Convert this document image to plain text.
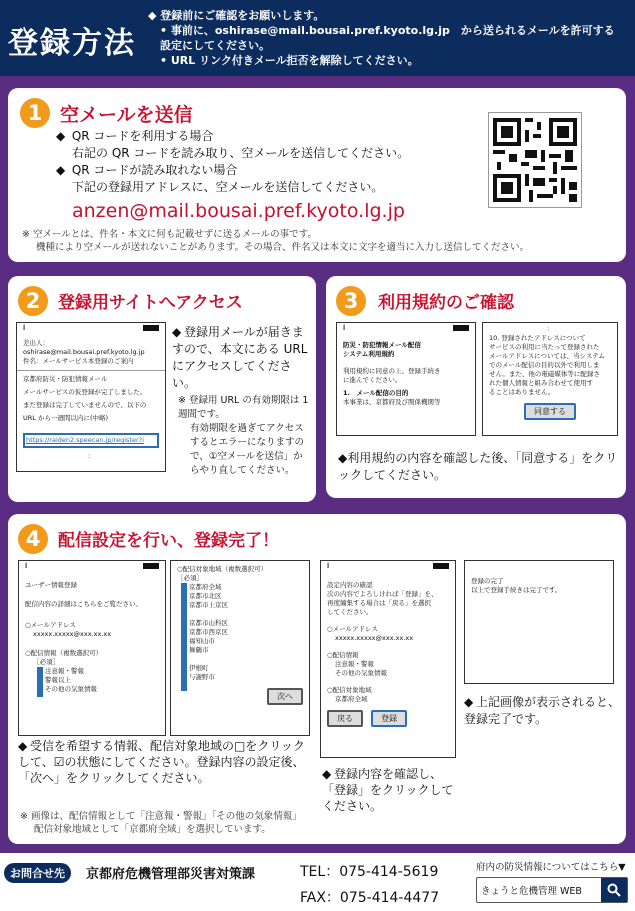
登録方法
◆ 登録前にご確認をお願いします。
• 事前に、oshirase@mail.bousai.pref.kyoto.lg.jp　から送られるメールを許可する設定にしてください。
• URL リンク付きメール拒否を解除してください。
1 空メールを送信
◆ QR コードを利用する場合
右記の QR コードを読み取り、空メールを送信してください。
◆ QR コードが読み取れない場合
下記の登録用アドレスに、空メールを送信してください。
anzen@mail.bousai.pref.kyoto.lg.jp
※ 空メールとは、件名・本文に何も記載せずに送るメールの事です。
機種により空メールが送れないことがあります。その場合、件名又は本文に文字を適当に入力し送信してください。
2	登録用サイトへアクセス
.ıll
差出人：oshirase@mail.bousai.pref.kyoto.lg.jp
件名：メールサービス本登録のご案内
京都府防災・防犯情報メール
メールサービスの仮登録が完了しました。
まだ登録は完了していませんので、以下の
URL から一週間以内に(中略)
https://raiden2.speecan.jp/register?i
：
◆ 登録用メールが届きますので、本文にある URL にアクセスしてください。
※ 登録用 URL の有効期限は 1 週間です。
有効期限を過ぎてアクセスするとエラーになりますので、①空メールを送信」からやり直してください。
3	利用規約のご確認
.ıll
防災・防犯情報メール配信
システム利用規約
利用規約に同意の上、登録手続き
に進んでください。
1.　メール配信の目的
本事業は、京都府及び関係機関等
：
10. 登録されたアドレスについて
サービスの利用に当たって登録された
メールアドレスについては、当システム
でのメール配信の目的以外で利用しま
せん。また、他の電磁媒体等に配録さ
れた個人情報と組み合わせて使用す
ることはありません。
同意する
◆利用規約の内容を確認した後、「同意する」をクリックしてください。
4	配信設定を行い、登録完了！
.ıll
ユーザー情報登録
配信内容の詳細はこちらをご覧ださい。
○メールアドレス
xxxxx.xxxxx@xxx.xx.xx
○配信情報（複数選択可）
［必須］
注意報・警報
警報以上
その他の気象情報
○配信対象地域（複数選択可）
［必須］
京都府全域
京都市北区
京都市上京区
京都市山科区
京都市西京区
福知山市
舞鶴市
伊根町
与謝野市
次へ
.ıll
設定内容の確認
次の内容でよろしければ「登録」を、
再度編集する場合は「戻る」を選択
してください。
○メールアドレス
xxxxx.xxxxx@xxx.xx.xx
○配信情報
注意報・警報
その他の気象情報
○配信対象地域
京都府全域
戻る	登録
登録の完了
以上で登録手続きは完了です。
◆ 受信を希望する情報、配信対象地域の□をクリックして、☑の状態にしてください。登録内容の設定後、「次へ」をクリックしてください。	◆ 登録内容を確認し、「登録」をクリックしてください。
◆ 上記画像が表示されると、登録完了です。
※ 画像は、配信情報として「注意報・警報」「その他の気象情報」
配信対象地域として「京都府全域」を選択しています。
お問合せ先	京都府危機管理部災害対策課	TEL：075-414-5619
FAX：075-414-4477
府内の防災情報についてはこちら▼
きょうと危機管理 WEB
